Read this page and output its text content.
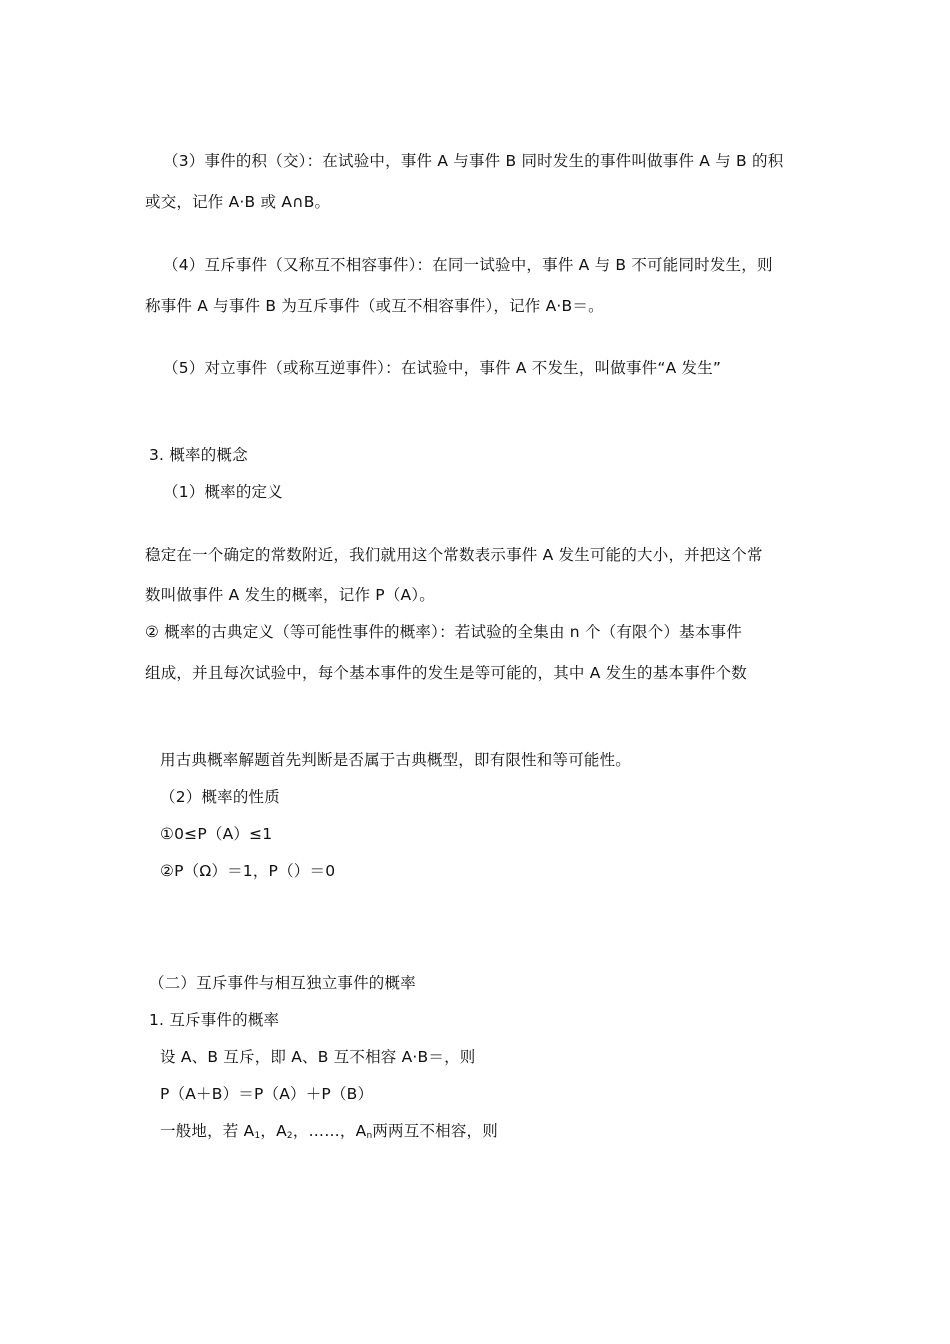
（3）事件的积（交）：在试验中，事件 A 与事件 B 同时发生的事件叫做事件 A 与 B 的积
或交，记作 A·B 或 A∩B。
（4）互斥事件（又称互不相容事件）：在同一试验中，事件 A 与 B 不可能同时发生，则
称事件 A 与事件 B 为互斥事件（或互不相容事件），记作 A·B＝。
（5）对立事件（或称互逆事件）：在试验中，事件 A 不发生，叫做事件“A 发生”
3. 概率的概念
（1）概率的定义
稳定在一个确定的常数附近，我们就用这个常数表示事件 A 发生可能的大小，并把这个常
数叫做事件 A 发生的概率，记作 P（A）。
② 概率的古典定义（等可能性事件的概率）：若试验的全集由 n 个（有限个）基本事件
组成，并且每次试验中，每个基本事件的发生是等可能的，其中 A 发生的基本事件个数
用古典概率解题首先判断是否属于古典概型，即有限性和等可能性。
（2）概率的性质
①0≤P（A）≤1
②P（Ω）＝1，P（）＝0
（二）互斥事件与相互独立事件的概率
1. 互斥事件的概率
设 A、B 互斥，即 A、B 互不相容 A·B＝，则
P（A＋B）＝P（A）＋P（B）
一般地，若 $A_1$，$A_2$，……，$A_n$两两互不相容，则
